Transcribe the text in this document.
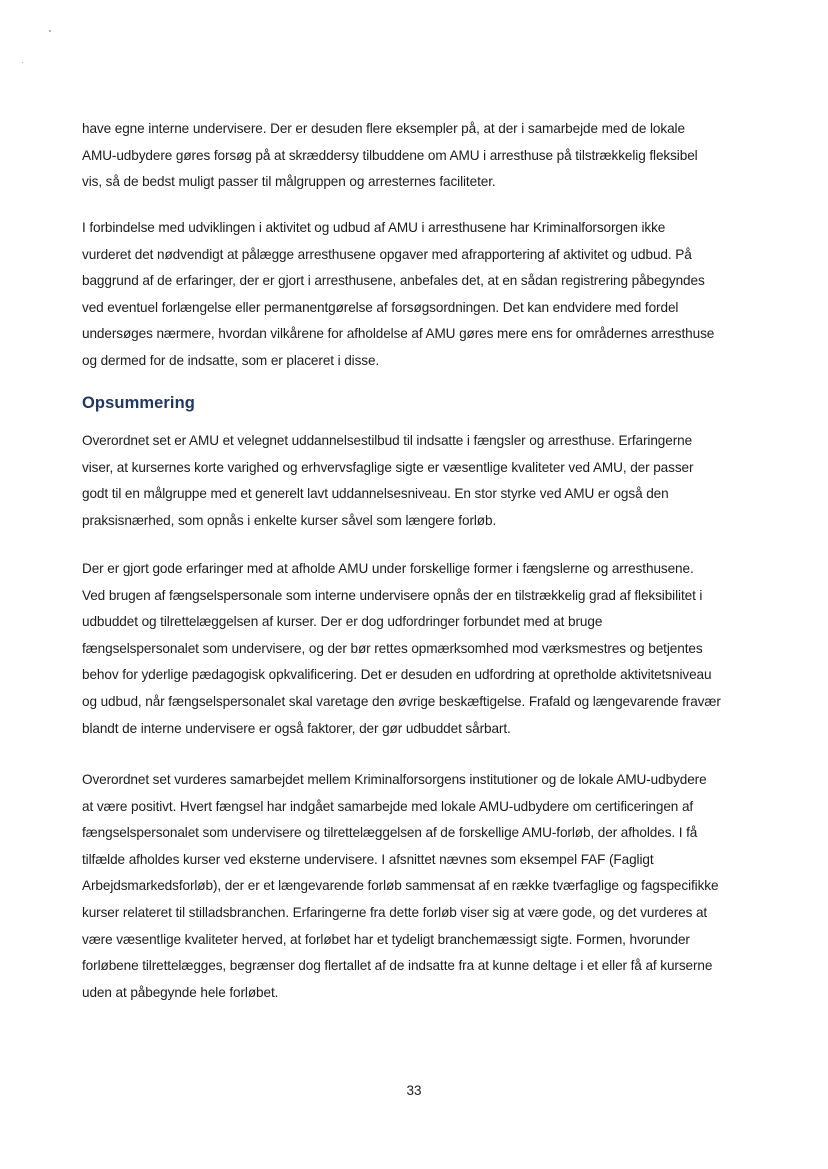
have egne interne undervisere. Der er desuden flere eksempler på, at der i samarbejde med de lokale
AMU-udbydere gøres forsøg på at skræddersy tilbuddene om AMU i arresthuse på tilstrækkelig fleksibel
vis, så de bedst muligt passer til målgruppen og arresternes faciliteter.
I forbindelse med udviklingen i aktivitet og udbud af AMU i arresthusene har Kriminalforsorgen ikke
vurderet det nødvendigt at pålægge arresthusene opgaver med afrapportering af aktivitet og udbud. På
baggrund af de erfaringer, der er gjort i arresthusene, anbefales det, at en sådan registrering påbegyndes
ved eventuel forlængelse eller permanentgørelse af forsøgsordningen. Det kan endvidere med fordel
undersøges nærmere, hvordan vilkårene for afholdelse af AMU gøres mere ens for områdernes arresthuse
og dermed for de indsatte, som er placeret i disse.
Opsummering
Overordnet set er AMU et velegnet uddannelsestilbud til indsatte i fængsler og arresthuse. Erfaringerne
viser, at kursernes korte varighed og erhvervsfaglige sigte er væsentlige kvaliteter ved AMU, der passer
godt til en målgruppe med et generelt lavt uddannelsesniveau. En stor styrke ved AMU er også den
praksisnærhed, som opnås i enkelte kurser såvel som længere forløb.
Der er gjort gode erfaringer med at afholde AMU under forskellige former i fængslerne og arresthusene.
Ved brugen af fængselspersonale som interne undervisere opnås der en tilstrækkelig grad af fleksibilitet i
udbuddet og tilrettelæggelsen af kurser. Der er dog udfordringer forbundet med at bruge
fængselspersonalet som undervisere, og der bør rettes opmærksomhed mod værksmestres og betjentes
behov for yderlige pædagogisk opkvalificering. Det er desuden en udfordring at opretholde aktivitetsniveau
og udbud, når fængselspersonalet skal varetage den øvrige beskæftigelse. Frafald og længevarende fravær
blandt de interne undervisere er også faktorer, der gør udbuddet sårbart.
Overordnet set vurderes samarbejdet mellem Kriminalforsorgens institutioner og de lokale AMU-udbydere
at være positivt. Hvert fængsel har indgået samarbejde med lokale AMU-udbydere om certificeringen af
fængselspersonalet som undervisere og tilrettelæggelsen af de forskellige AMU-forløb, der afholdes. I få
tilfælde afholdes kurser ved eksterne undervisere. I afsnittet nævnes som eksempel FAF (Fagligt
Arbejdsmarkedsforløb), der er et længevarende forløb sammensat af en række tværfaglige og fagspecifikke
kurser relateret til stilladsbranchen. Erfaringerne fra dette forløb viser sig at være gode, og det vurderes at
være væsentlige kvaliteter herved, at forløbet har et tydeligt branchemæssigt sigte. Formen, hvorunder
forløbene tilrettelægges, begrænser dog flertallet af de indsatte fra at kunne deltage i et eller få af kurserne
uden at påbegynde hele forløbet.
33
